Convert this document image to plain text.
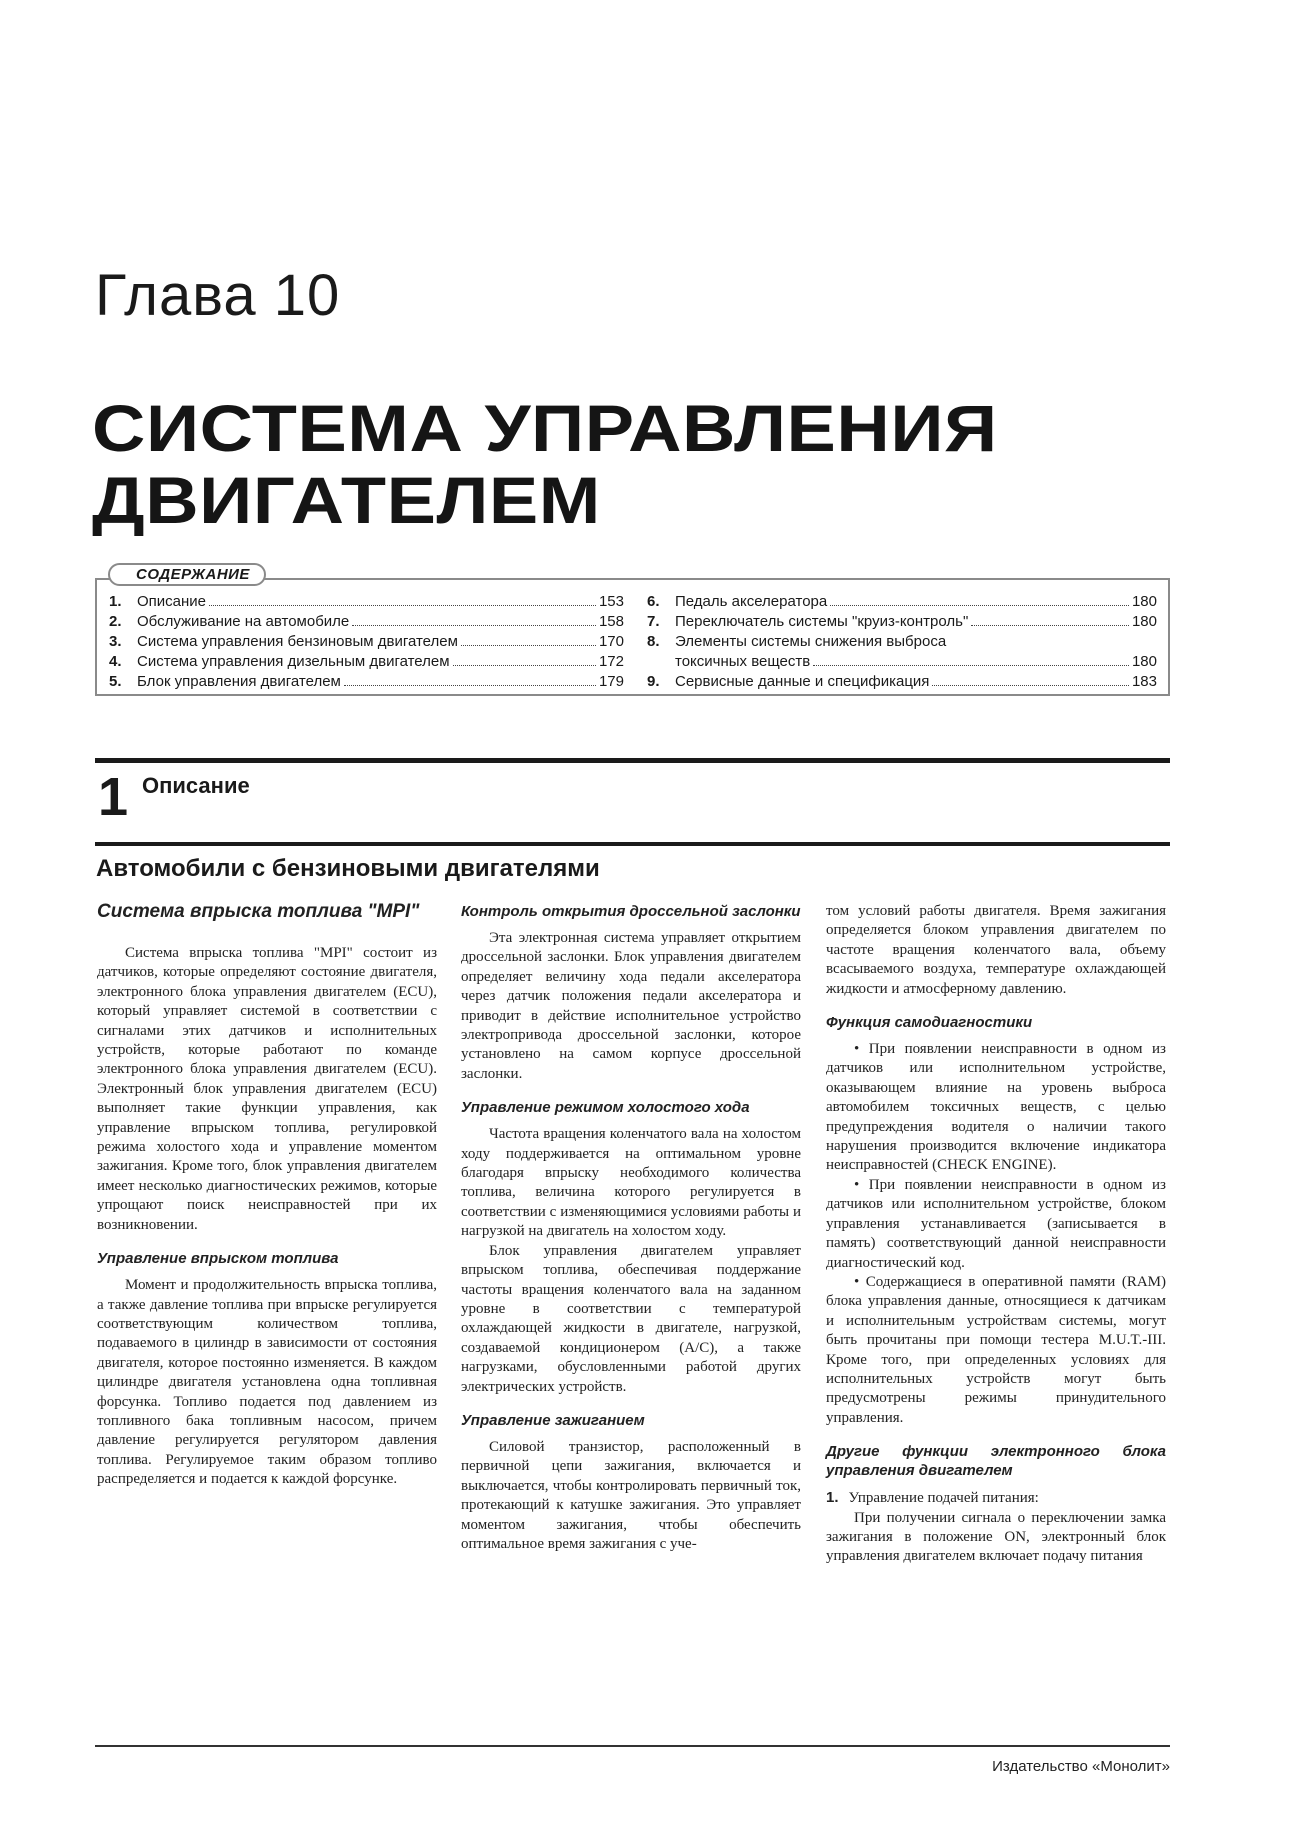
Глава 10
СИСТЕМА УПРАВЛЕНИЯ
ДВИГАТЕЛЕМ
1.	Описание	153
2.	Обслуживание на автомобиле	158
3.	Система управления бензиновым двигателем	170
4.	Система управления дизельным двигателем	172
5.	Блок управления двигателем	179
6.	Педаль акселератора	180
7.	Переключатель системы "круиз-контроль"	180
8.	Элементы системы снижения выброса
токсичных веществ	180
9.	Сервисные данные и спецификация	183
СОДЕРЖАНИЕ
1 Описание
Автомобили с бензиновыми двигателями
Система впрыска топлива "MPI"

Система впрыска топлива "MPI" состоит из датчиков, которые определяют состояние двигателя, электронного блока управления двигателем (ECU), который управляет системой в соответствии с сигналами этих датчиков и исполнительных устройств, которые работают по команде электронного блока управления двигателем (ECU). Электронный блок управления двигателем (ECU) выполняет такие функции управления, как управление впрыском топлива, регулировкой режима холостого хода и управление моментом зажигания. Кроме того, блок управления двигателем имеет несколько диагностических режимов, которые упрощают поиск неисправностей при их возникновении.

Управление впрыском топлива

Момент и продолжительность впрыска топлива, а также давление топлива при впрыске регулируется соответствующим количеством топлива, подаваемого в цилиндр в зависимости от состояния двигателя, которое постоянно изменяется. В каждом цилиндре двигателя установлена одна топливная форсунка. Топливо подается под давлением из топливного бака топливным насосом, причем давление регулируется регулятором давления топлива. Регулируемое таким образом топливо распределяется и подается к каждой форсунке.

Контроль открытия дроссельной заслонки

Эта электронная система управляет открытием дроссельной заслонки. Блок управления двигателем определяет величину хода педали акселератора через датчик положения педали акселератора и приводит в действие исполнительное устройство электропривода дроссельной заслонки, которое установлено на самом корпусе дроссельной заслонки.

Управление режимом холостого хода

Частота вращения коленчатого вала на холостом ходу поддерживается на оптимальном уровне благодаря впрыску необходимого количества топлива, величина которого регулируется в соответствии с изменяющимися условиями работы и нагрузкой на двигатель на холостом ходу.

Блок управления двигателем управляет впрыском топлива, обеспечивая поддержание частоты вращения коленчатого вала на заданном уровне в соответствии с температурой охлаждающей жидкости в двигателе, нагрузкой, создаваемой кондиционером (A/C), а также нагрузками, обусловленными работой других электрических устройств.

Управление зажиганием

Силовой транзистор, расположенный в первичной цепи зажигания, включается и выключается, чтобы контролировать первичный ток, протекающий к катушке зажигания. Это управляет моментом зажигания, чтобы обеспечить оптимальное время зажигания с уче-

том условий работы двигателя. Время зажигания определяется блоком управления двигателем по частоте вращения коленчатого вала, объему всасываемого воздуха, температуре охлаждающей жидкости и атмосферному давлению.

Функция самодиагностики

• При появлении неисправности в одном из датчиков или исполнительном устройстве, оказывающем влияние на уровень выброса автомобилем токсичных веществ, с целью предупреждения водителя о наличии такого нарушения производится включение индикатора неисправностей (CHECK ENGINE).

• При появлении неисправности в одном из датчиков или исполнительном устройстве, блоком управления устанавливается (записывается в память) соответствующий данной неисправности диагностический код.

• Содержащиеся в оперативной памяти (RAM) блока управления данные, относящиеся к датчикам и исполнительным устройствам системы, могут быть прочитаны при помощи тестера M.U.T.-III. Кроме того, при определенных условиях для исполнительных устройств могут быть предусмотрены режимы принудительного управления.

Другие функции электронного блока управления двигателем

1. Управление подачей питания:

При получении сигнала о переключении замка зажигания в положение ON, электронный блок управления двигателем включает подачу питания

Издательство «Монолит»
